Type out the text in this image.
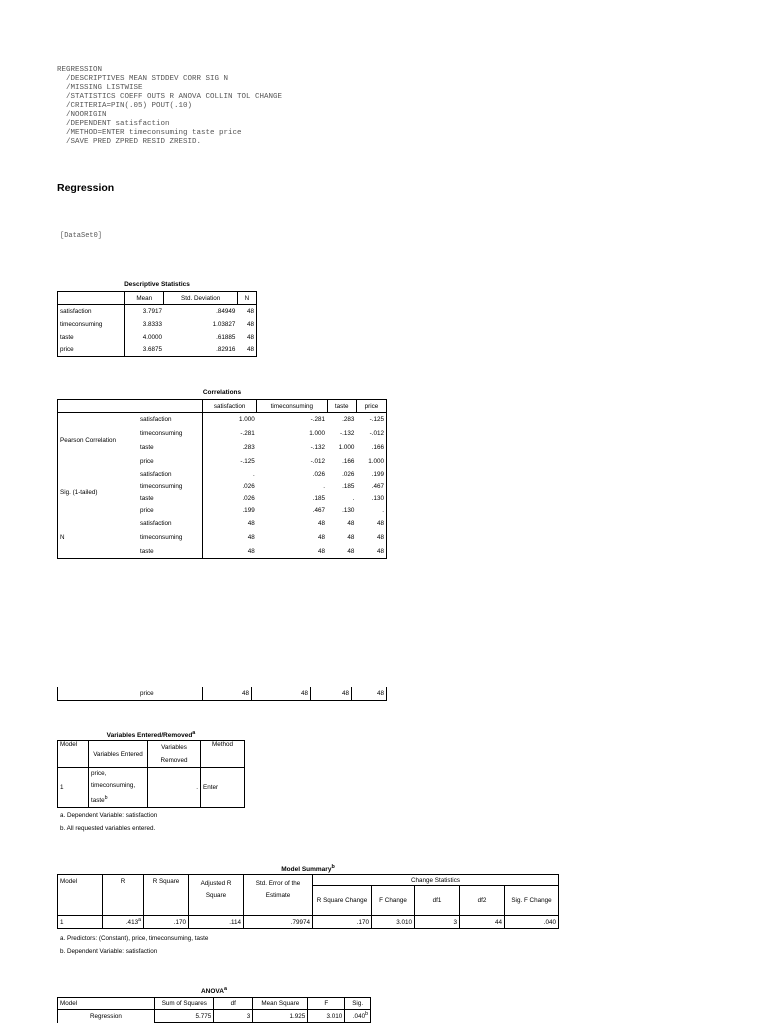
REGRESSION
/DESCRIPTIVES MEAN STDDEV CORR SIG N
/MISSING LISTWISE
/STATISTICS COEFF OUTS R ANOVA COLLIN TOL CHANGE
/CRITERIA=PIN(.05) POUT(.10)
/NOORIGIN
/DEPENDENT satisfaction
/METHOD=ENTER timeconsuming taste price
/SAVE PRED ZPRED RESID ZRESID.
Regression
[DataSet0]
Descriptive Statistics
	Mean	Std. Deviation	N
satisfaction	3.7917	.84949	48
timeconsuming	3.8333	1.03827	48
taste	4.0000	.61885	48
price	3.6875	.82916	48
Correlations
		satisfaction	timeconsuming	taste	price
Pearson Correlation	satisfaction	1.000	-.281	.283	-.125
	timeconsuming	-.281	1.000	-.132	-.012
	taste	.283	-.132	1.000	.166
	price	-.125	-.012	.166	1.000
Sig. (1-tailed)	satisfaction	.	.026	.026	.199
	timeconsuming	.026	.	.185	.467
	taste	.026	.185	.	.130
	price	.199	.467	.130	.
N	satisfaction	48	48	48	48
	timeconsuming	48	48	48	48
	taste	48	48	48	48
	price	48	48	48	48
Variables Entered/Removed$^a$
Model	Variables Entered	Variables Removed	Method
1	price,
timeconsuming,
taste$^b$	.	Enter
a. Dependent Variable: satisfaction
b. All requested variables entered.
Model Summary$^b$
Model	R	R Square	Adjusted R Square	Std. Error of the Estimate	Change Statistics				
					R Square Change	F Change	df1	df2	Sig. F Change
1	.413$^a$	.170	.114	.79974	.170	3.010	3	44	.040
a. Predictors: (Constant), price, timeconsuming, taste
b. Dependent Variable: satisfaction
ANOVA$^a$
Model		Sum of Squares	df	Mean Square	F	Sig.
	Regression	5.775	3	1.925	3.010	.040$^b$
